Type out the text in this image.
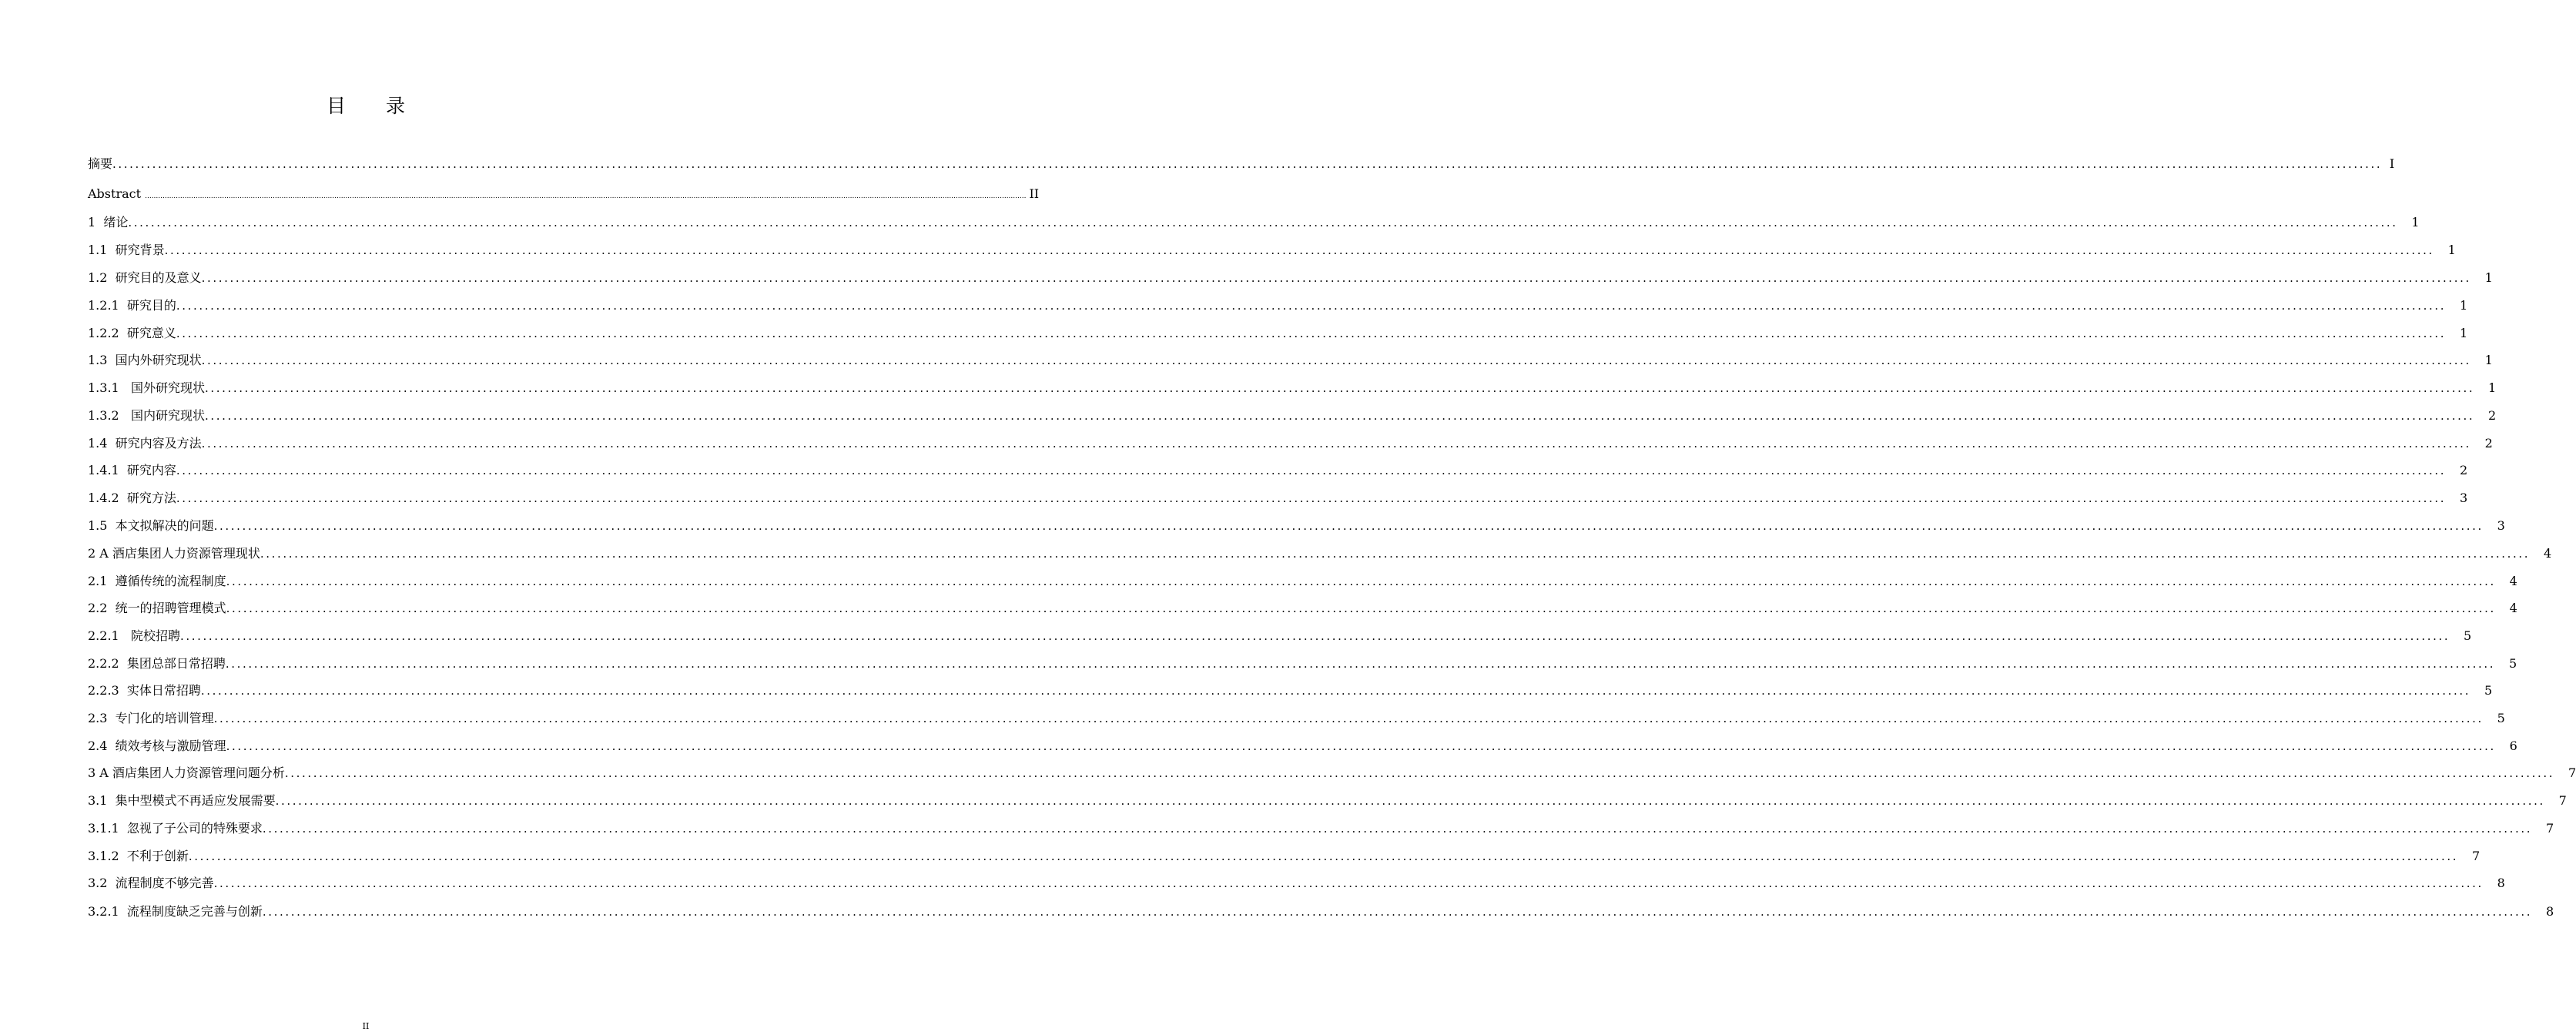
目 录
摘要 ................................................................................................................................................................................................................................................................................................................................................................................................................ I
Abstract ................................................................................................................................................................................................................................................................................................................................................................................................................ II
1  绪论 ................................................................................................................................................................................................................................................................................................................................................................................................................ 1
1.1  研究背景 ................................................................................................................................................................................................................................................................................................................................................................................................................ 1
1.2  研究目的及意义 ................................................................................................................................................................................................................................................................................................................................................................................................................ 1
1.2.1  研究目的 ................................................................................................................................................................................................................................................................................................................................................................................................................ 1
1.2.2  研究意义 ................................................................................................................................................................................................................................................................................................................................................................................................................ 1
1.3  国内外研究现状 ................................................................................................................................................................................................................................................................................................................................................................................................................ 1
1.3.1   国外研究现状 ................................................................................................................................................................................................................................................................................................................................................................................................................ 1
1.3.2   国内研究现状 ................................................................................................................................................................................................................................................................................................................................................................................................................ 2
1.4  研究内容及方法 ................................................................................................................................................................................................................................................................................................................................................................................................................ 2
1.4.1  研究内容 ................................................................................................................................................................................................................................................................................................................................................................................................................ 2
1.4.2  研究方法 ................................................................................................................................................................................................................................................................................................................................................................................................................ 3
1.5  本文拟解决的问题 ................................................................................................................................................................................................................................................................................................................................................................................................................ 3
2 A 酒店集团人力资源管理现状 ................................................................................................................................................................................................................................................................................................................................................................................................................ 4
2.1  遵循传统的流程制度 ................................................................................................................................................................................................................................................................................................................................................................................................................ 4
2.2  统一的招聘管理模式 ................................................................................................................................................................................................................................................................................................................................................................................................................ 4
2.2.1   院校招聘 ................................................................................................................................................................................................................................................................................................................................................................................................................ 5
2.2.2  集团总部日常招聘 ................................................................................................................................................................................................................................................................................................................................................................................................................ 5
2.2.3  实体日常招聘 ................................................................................................................................................................................................................................................................................................................................................................................................................ 5
2.3  专门化的培训管理 ................................................................................................................................................................................................................................................................................................................................................................................................................ 5
2.4  绩效考核与激励管理 ................................................................................................................................................................................................................................................................................................................................................................................................................ 6
3 A 酒店集团人力资源管理问题分析 ................................................................................................................................................................................................................................................................................................................................................................................................................ 7
3.1  集中型模式不再适应发展需要 ................................................................................................................................................................................................................................................................................................................................................................................................................ 7
3.1.1  忽视了子公司的特殊要求 ................................................................................................................................................................................................................................................................................................................................................................................................................ 7
3.1.2  不利于创新 ................................................................................................................................................................................................................................................................................................................................................................................................................ 7
3.2  流程制度不够完善 ................................................................................................................................................................................................................................................................................................................................................................................................................ 8
3.2.1  流程制度缺乏完善与创新 ................................................................................................................................................................................................................................................................................................................................................................................................................ 8
II
